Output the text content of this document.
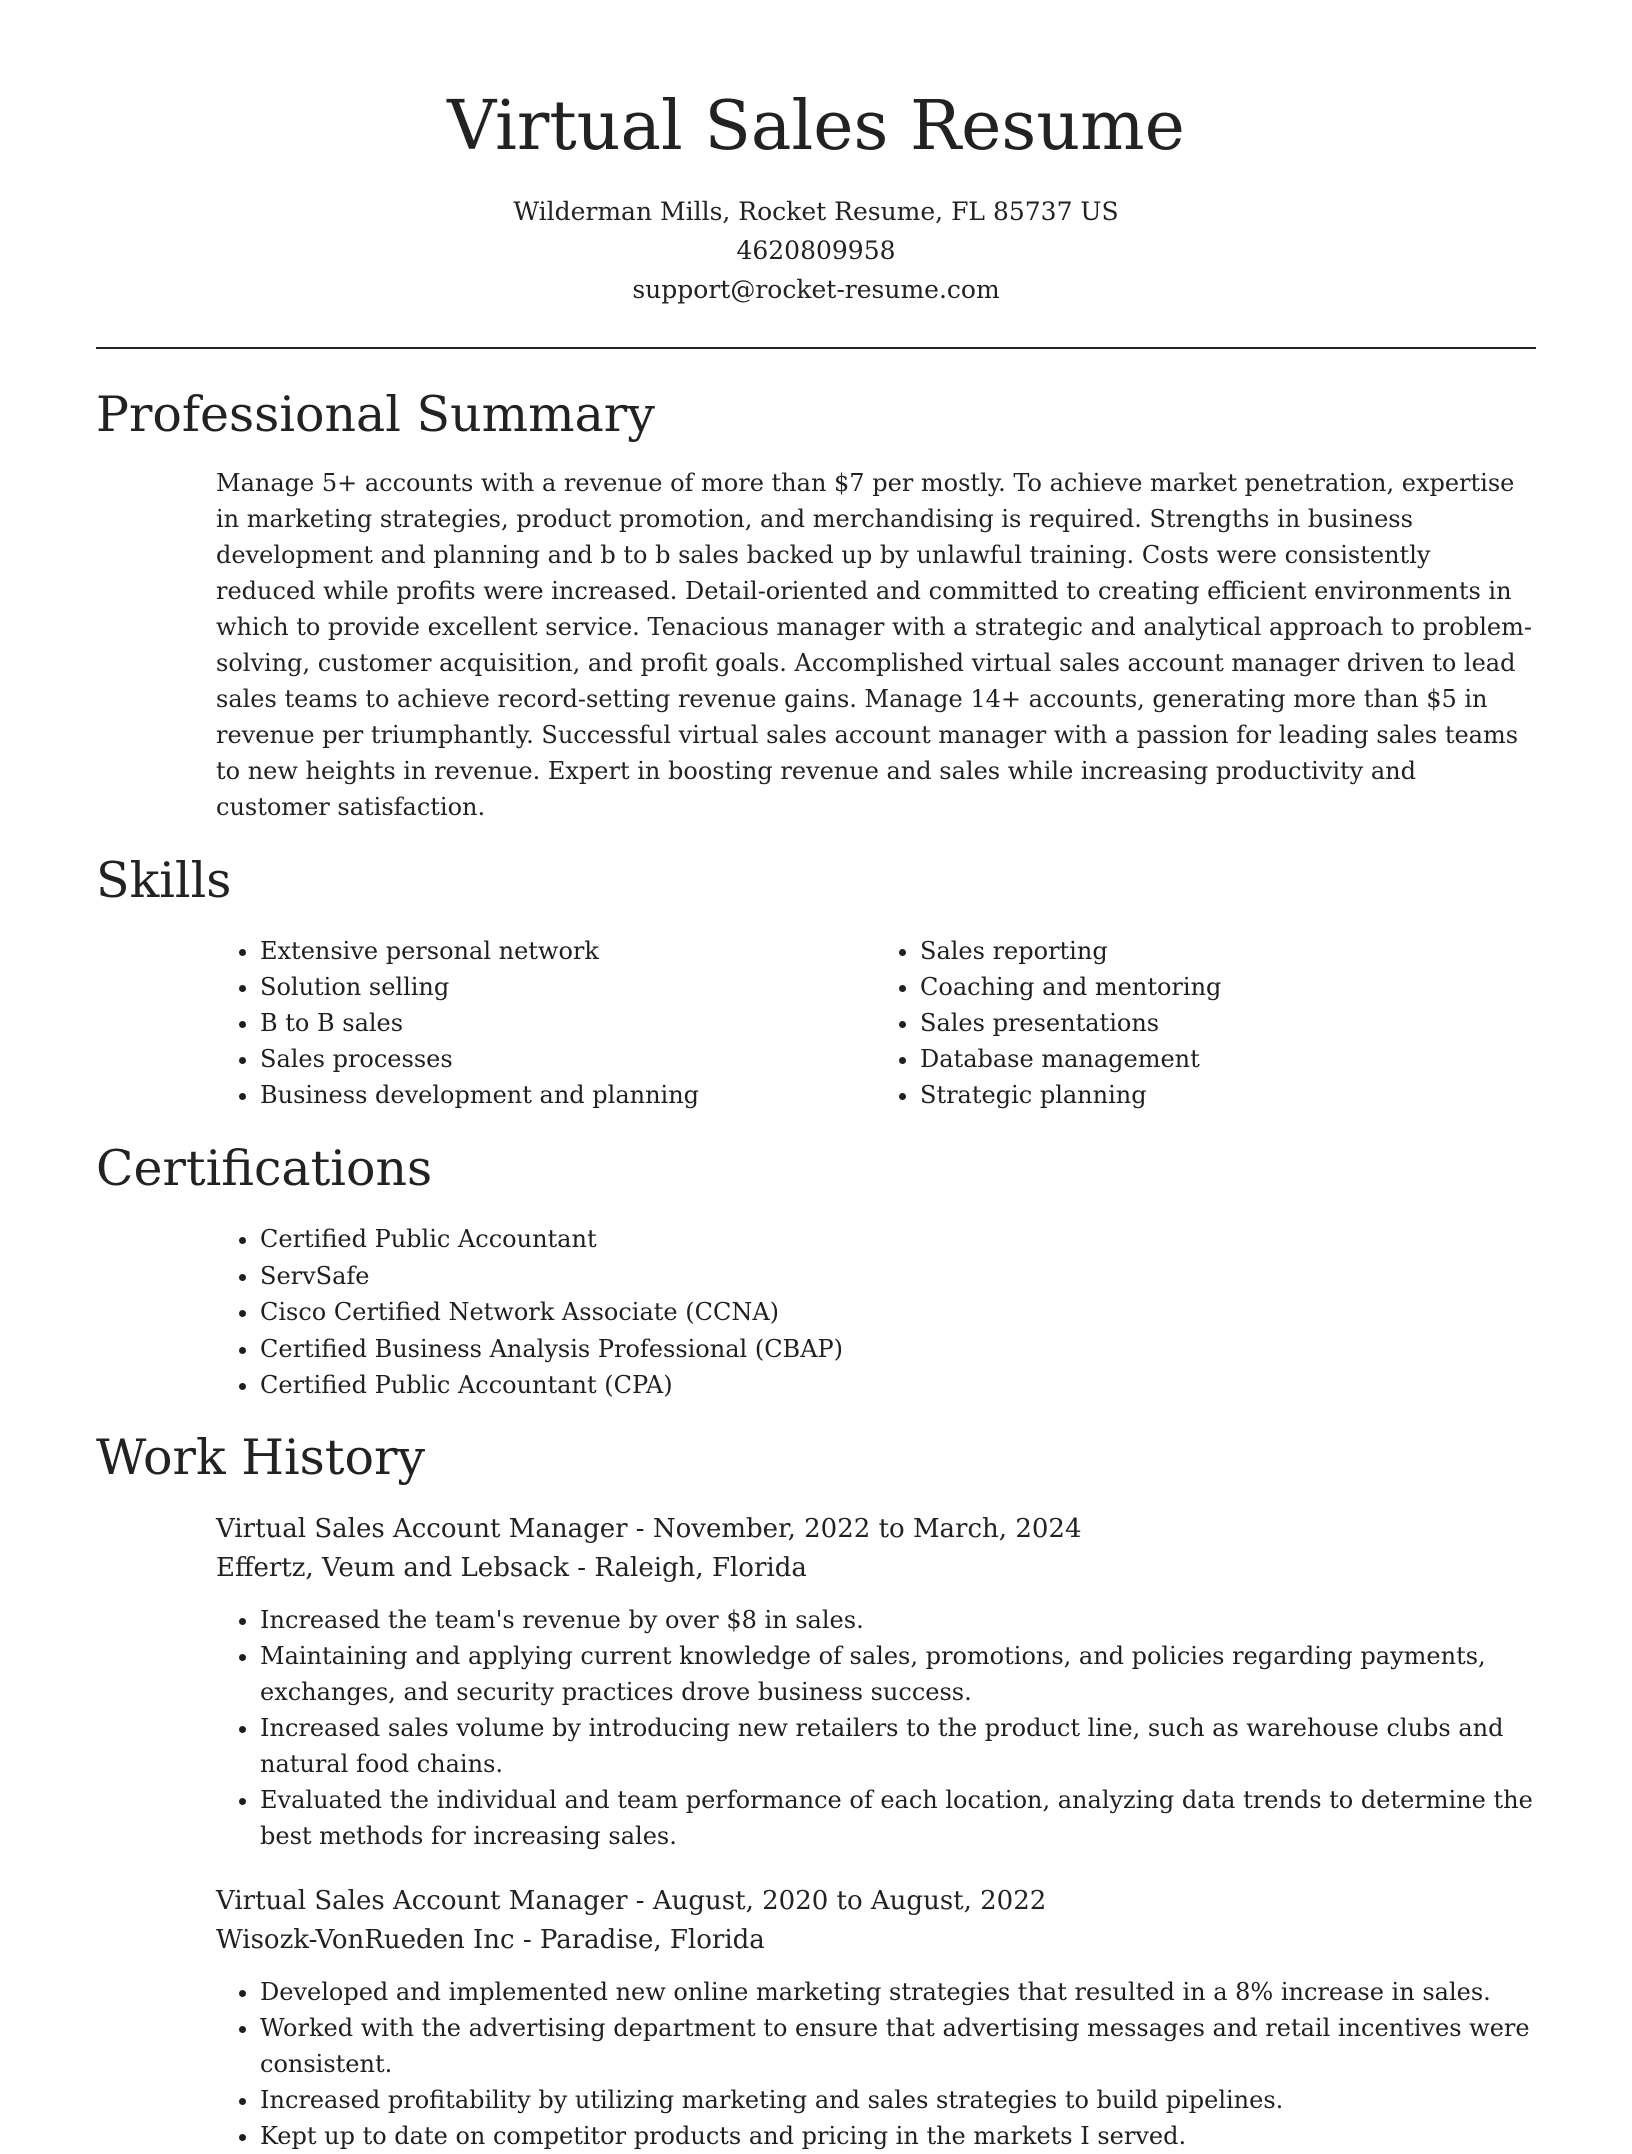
Virtual Sales Resume

Wilderman Mills, Rocket Resume, FL 85737 US

4620809958

support@rocket-resume.com

Professional Summary

Manage 5+ accounts with a revenue of more than $7 per mostly. To achieve market penetration, expertise in marketing strategies, product promotion, and merchandising is required. Strengths in business development and planning and b to b sales backed up by unlawful training. Costs were consistently reduced while profits were increased. Detail-oriented and committed to creating efficient environments in which to provide excellent service. Tenacious manager with a strategic and analytical approach to problem-solving, customer acquisition, and profit goals. Accomplished virtual sales account manager driven to lead sales teams to achieve record-setting revenue gains. Manage 14+ accounts, generating more than $5 in revenue per triumphantly. Successful virtual sales account manager with a passion for leading sales teams to new heights in revenue. Expert in boosting revenue and sales while increasing productivity and customer satisfaction.

Skills
• Extensive personal network
• Solution selling
• B to B sales
• Sales processes
• Business development and planning
• Sales reporting
• Coaching and mentoring
• Sales presentations
• Database management
• Strategic planning
Certifications
• Certified Public Accountant
• ServSafe
• Cisco Certified Network Associate (CCNA)
• Certified Business Analysis Professional (CBAP)
• Certified Public Accountant (CPA)
Work History

Virtual Sales Account Manager - November, 2022 to March, 2024

Effertz, Veum and Lebsack - Raleigh, Florida

• Increased the team's revenue by over $8 in sales.
• Maintaining and applying current knowledge of sales, promotions, and policies regarding payments, exchanges, and security practices drove business success.
• Increased sales volume by introducing new retailers to the product line, such as warehouse clubs and natural food chains.
• Evaluated the individual and team performance of each location, analyzing data trends to determine the best methods for increasing sales.

Virtual Sales Account Manager - August, 2020 to August, 2022

Wisozk-VonRueden Inc - Paradise, Florida

• Developed and implemented new online marketing strategies that resulted in a 8% increase in sales.
• Worked with the advertising department to ensure that advertising messages and retail incentives were consistent.
• Increased profitability by utilizing marketing and sales strategies to build pipelines.
• Kept up to date on competitor products and pricing in the markets I served.
